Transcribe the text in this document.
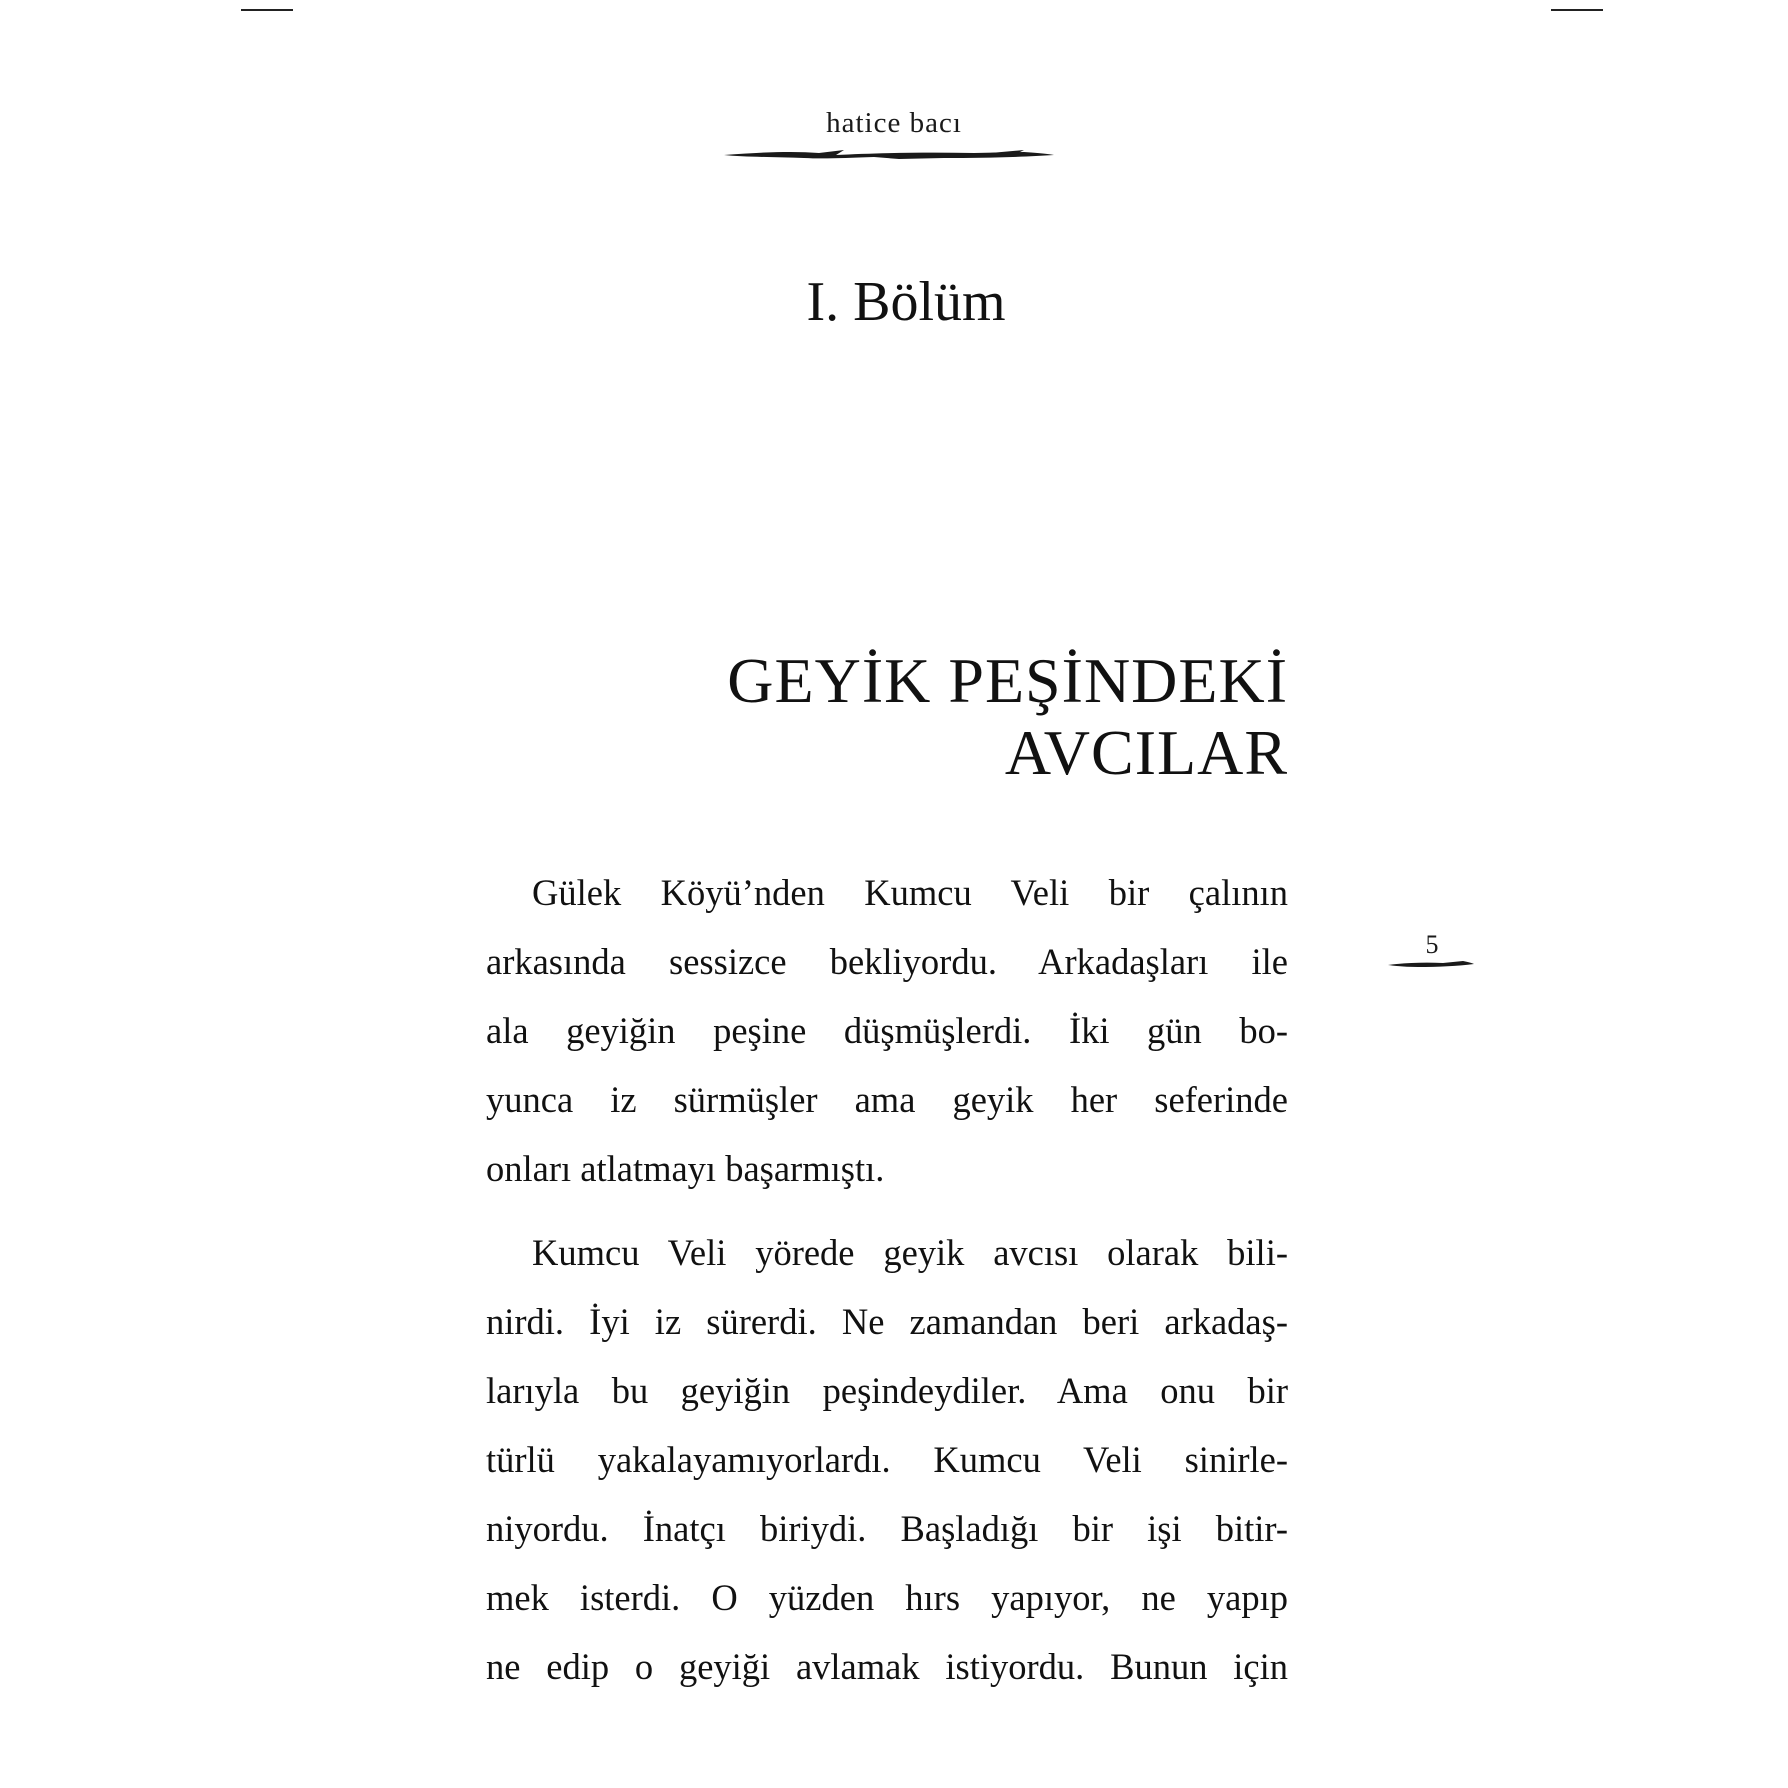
hatice bacı
I. Bölüm
GEYİK PEŞİNDEKİ
AVCILAR

Gülek Köyü’nden Kumcu Veli bir çalının
arkasında sessizce bekliyordu. Arkadaşları ile
ala geyiğin peşine düşmüşlerdi. İki gün bo-
yunca iz sürmüşler ama geyik her seferinde
onları atlatmayı başarmıştı.

Kumcu Veli yörede geyik avcısı olarak bili-
nirdi. İyi iz sürerdi. Ne zamandan beri arkadaş-
larıyla bu geyiğin peşindeydiler. Ama onu bir
türlü yakalayamıyorlardı. Kumcu Veli sinirle-
niyordu. İnatçı biriydi. Başladığı bir işi bitir-
mek isterdi. O yüzden hırs yapıyor, ne yapıp
ne edip o geyiği avlamak istiyordu. Bunun için

5
